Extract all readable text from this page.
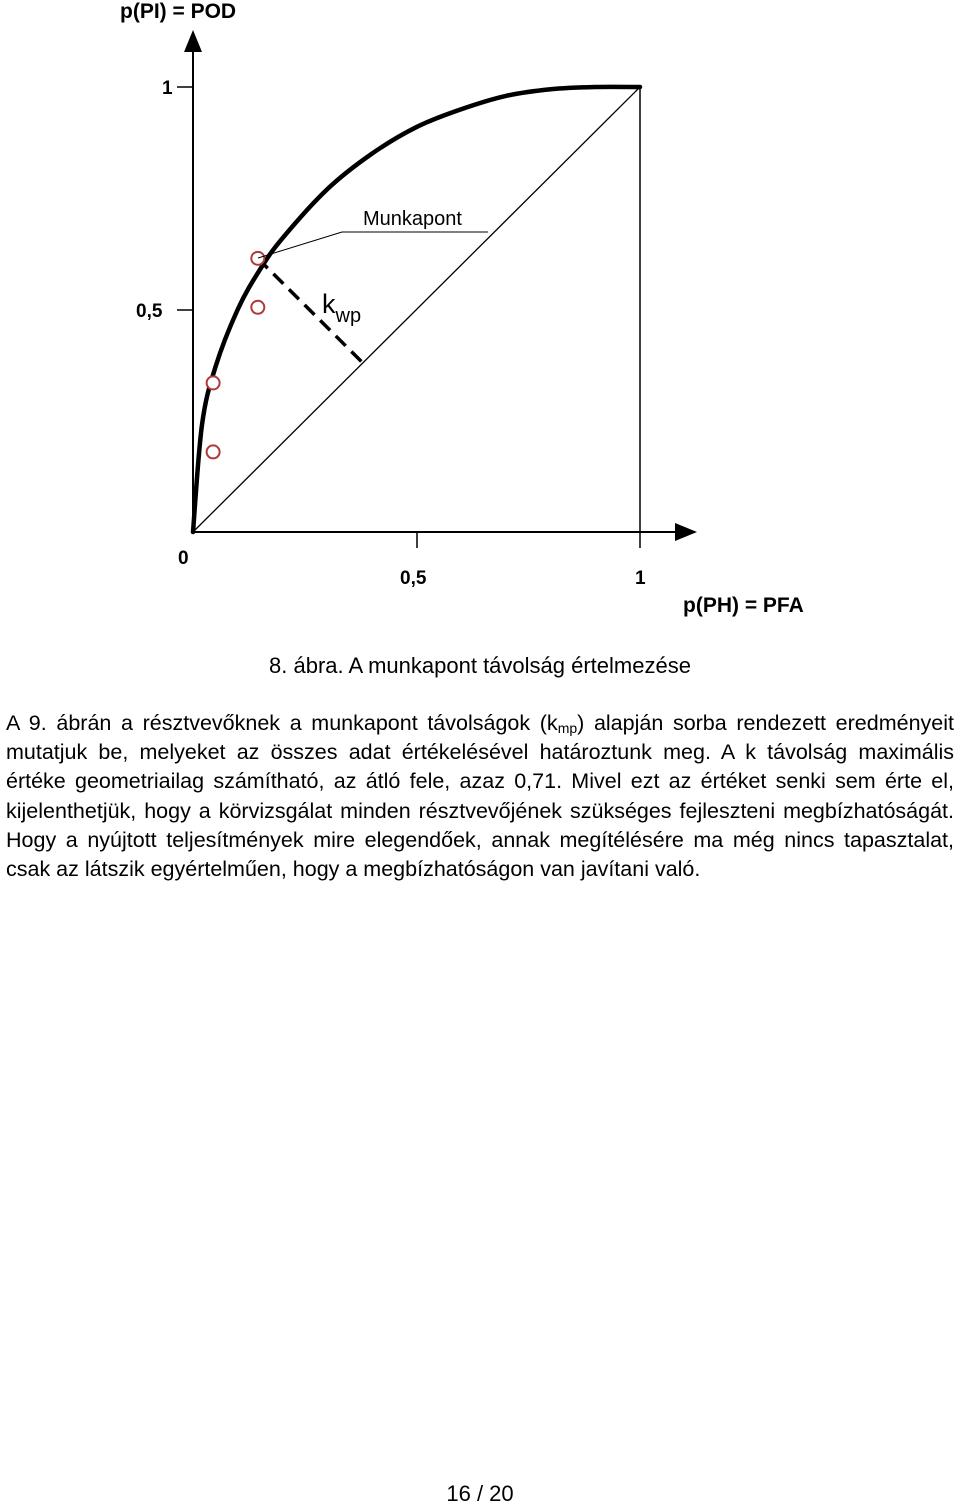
1
0,5
0
0,5	1
p(PI) = POD
p(PH) = PFA
Munkapont
$k_{wp}$
8. ábra. A munkapont távolság értelmezése
A 9. ábrán a résztvevőknek a munkapont távolságok $(k_{mp})$ alapján sorba rendezett eredményeit mutatjuk be, melyeket az összes adat értékelésével határoztunk meg. A k távolság maximális értéke geometriailag számítható, az átló fele, azaz 0,71. Mivel ezt az értéket senki sem érte el, kijelenthetjük, hogy a körvizsgálat minden résztvevőjének szükséges fejleszteni megbízhatóságát. Hogy a nyújtott teljesítmények mire elegendőek, annak megítélésére ma még nincs tapasztalat, csak az látszik egyértelműen, hogy a megbízhatóságon van javítani való.
16 / 20
